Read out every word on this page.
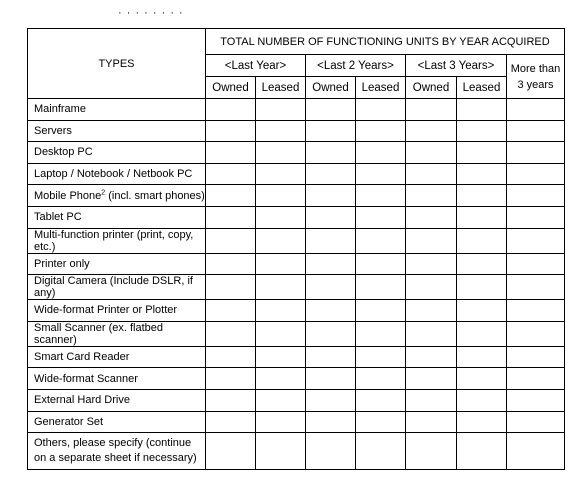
· · · · · · · ·
TYPES	TOTAL NUMBER OF FUNCTIONING UNITS BY YEAR ACQUIRED						
	<Last Year>		<Last 2 Years>		<Last 3 Years>		More than 3 years
	Owned	Leased	Owned	Leased	Owned	Leased	
Mainframe							
Servers							
Desktop PC							
Laptop / Notebook / Netbook PC							
Mobile Phone$^2$ (incl. smart phones)							
Tablet PC							
Multi-function printer (print, copy, etc.)							
Printer only							
Digital Camera (Include DSLR, if any)							
Wide-format Printer or Plotter							
Small Scanner (ex. flatbed scanner)							
Smart Card Reader							
Wide-format Scanner							
External Hard Drive							
Generator Set							
Others, please specify (continue on a separate sheet if necessary)							
